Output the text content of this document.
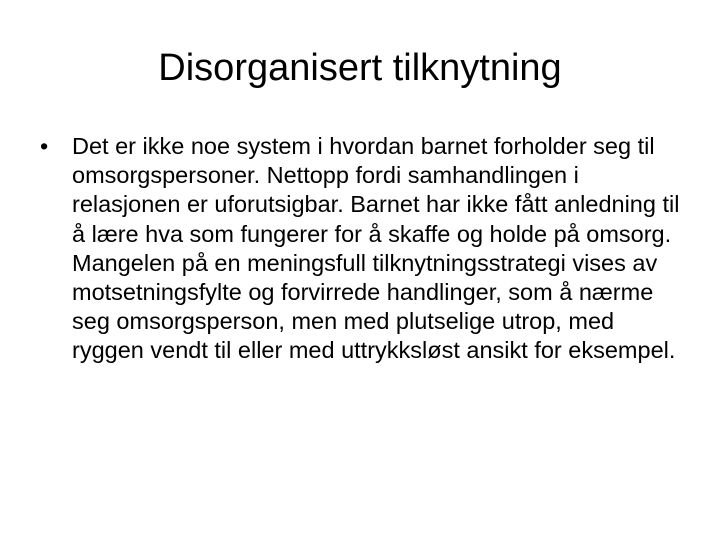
Disorganisert tilknytning

• Det er ikke noe system i hvordan barnet forholder seg til omsorgspersoner. Nettopp fordi samhandlingen i relasjonen er uforutsigbar. Barnet har ikke fått anledning til å lære hva som fungerer for å skaffe og holde på omsorg. Mangelen på en meningsfull tilknytningsstrategi vises av motsetningsfylte og forvirrede handlinger, som å nærme seg omsorgsperson, men med plutselige utrop, med ryggen vendt til eller med uttrykksløst ansikt for eksempel.
